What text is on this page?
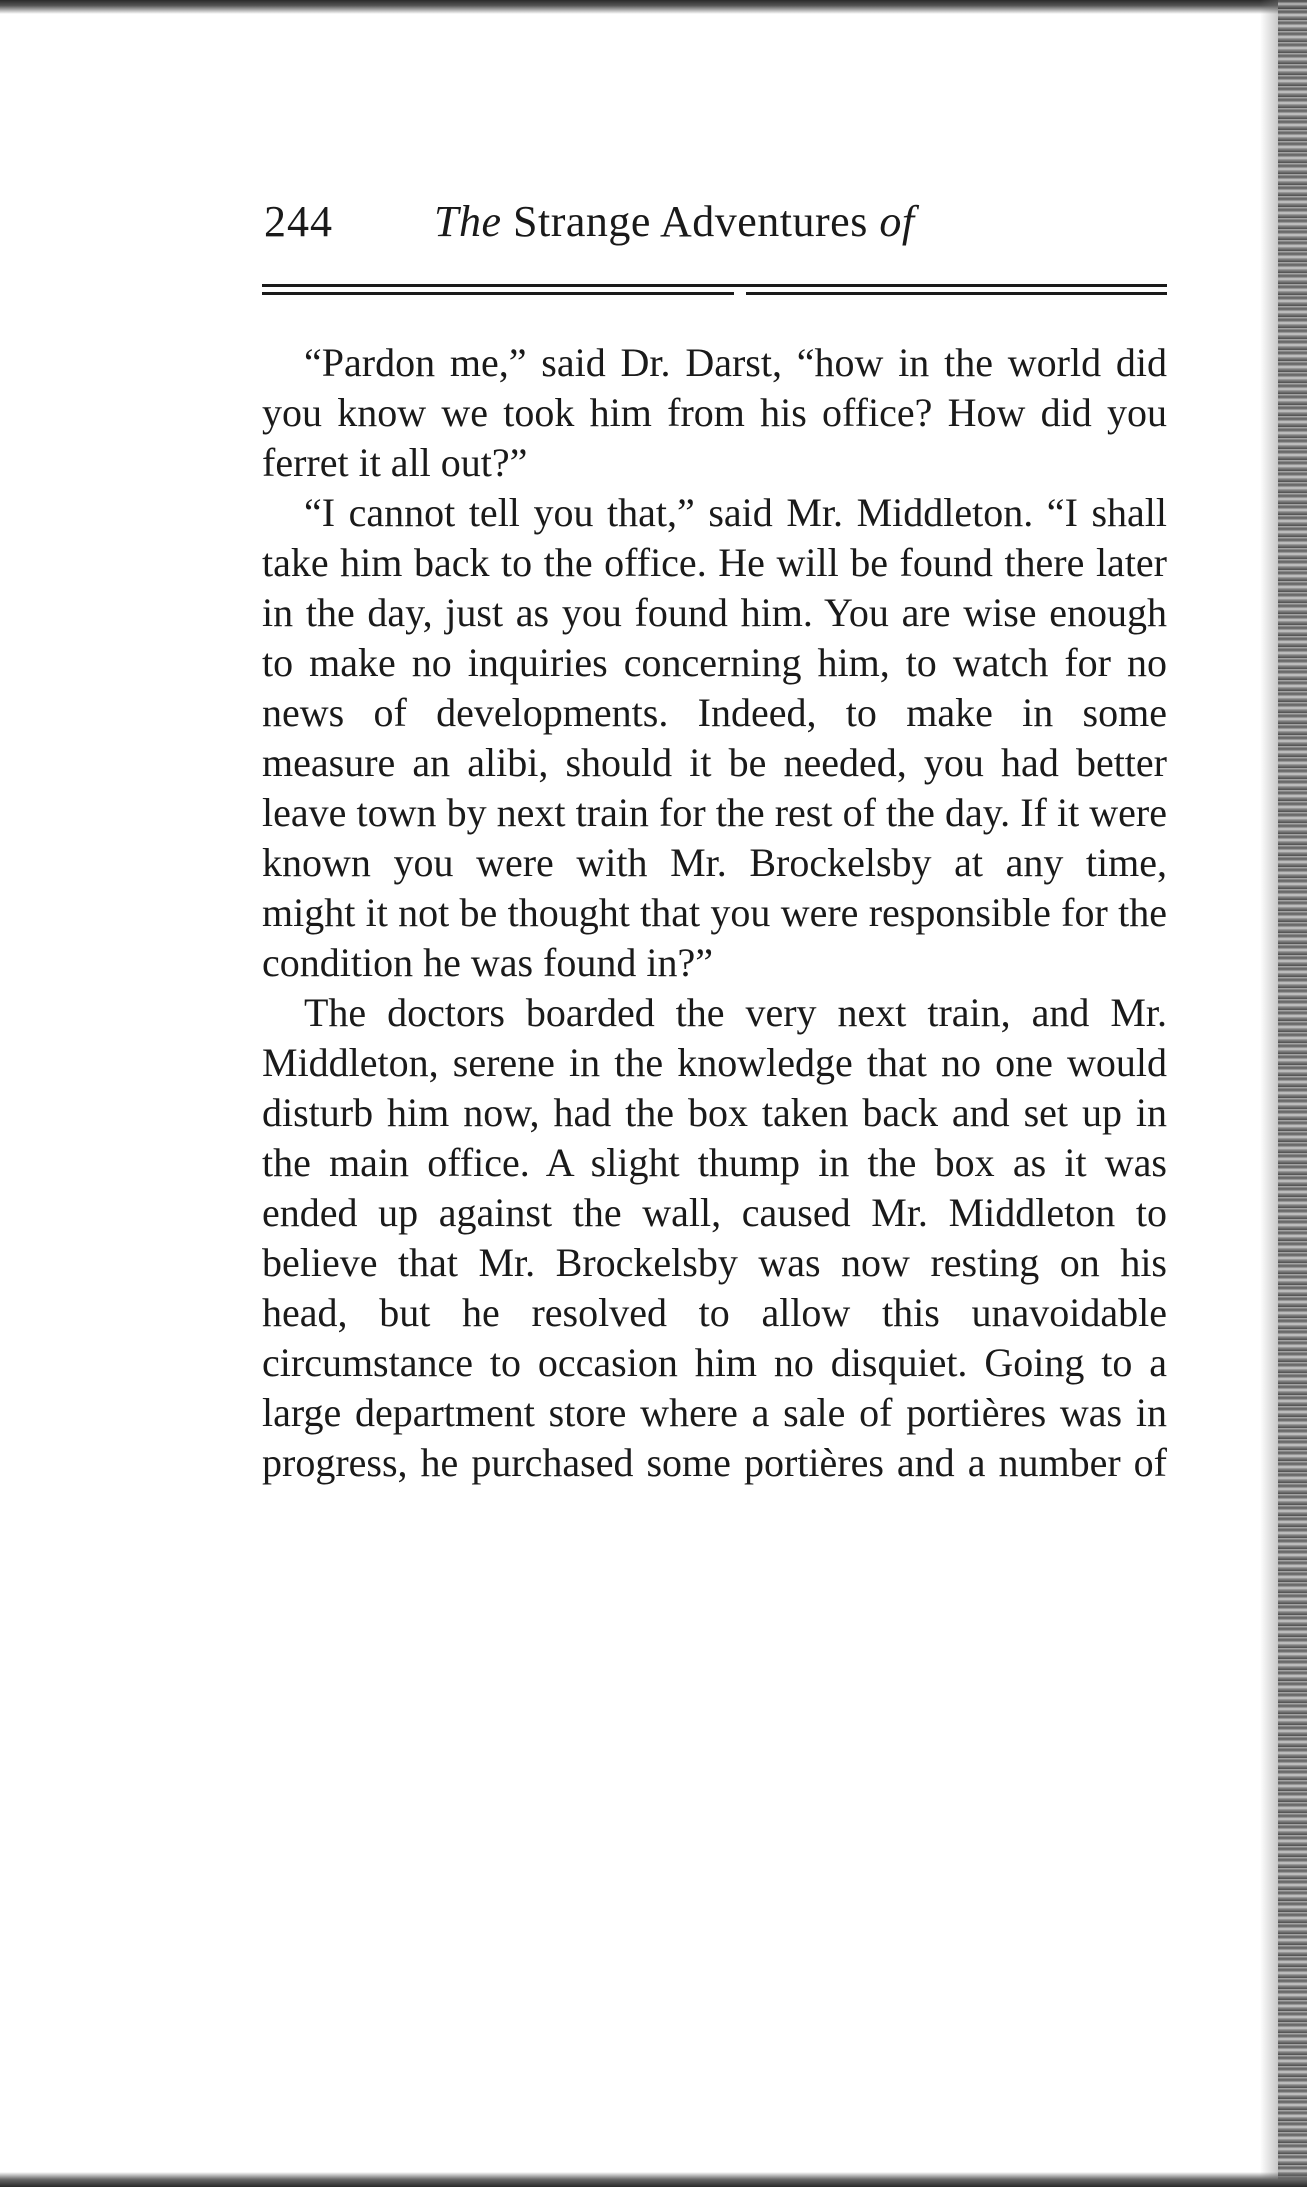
244 The Strange Adventures of

“Pardon me,” said Dr. Darst, “how in the world did you know we took him from his office? How did you ferret it all out?”

“I cannot tell you that,” said Mr. Middleton. “I shall take him back to the office. He will be found there later in the day, just as you found him. You are wise enough to make no inquiries concerning him, to watch for no news of developments. Indeed, to make in some measure an alibi, should it be needed, you had better leave town by next train for the rest of the day. If it were known you were with Mr. Brockelsby at any time, might it not be thought that you were responsible for the condition he was found in?”

The doctors boarded the very next train, and Mr. Middleton, serene in the knowledge that no one would disturb him now, had the box taken back and set up in the main office. A slight thump in the box as it was ended up against the wall, caused Mr. Middleton to believe that Mr. Brockelsby was now resting on his head, but he resolved to allow this unavoidable circumstance to occasion him no disquiet. Going to a large department store where a sale of portières was in progress, he purchased some portières and a number of
